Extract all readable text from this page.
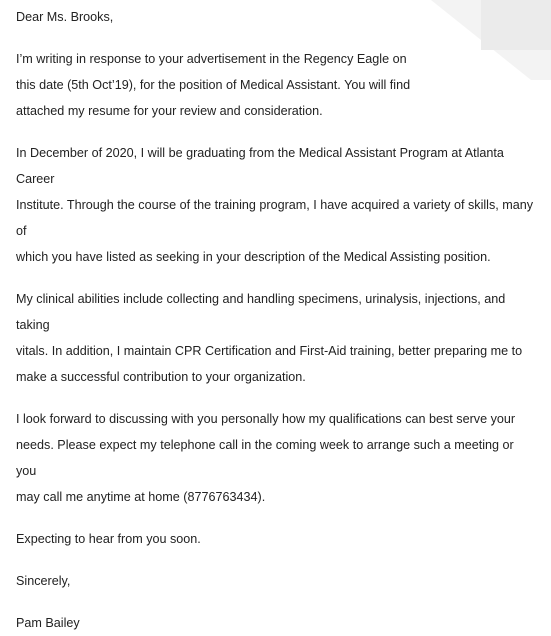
Dear Ms. Brooks,

I’m writing in response to your advertisement in the Regency Eagle on
this date (5th Oct’19), for the position of Medical Assistant. You will find
attached my resume for your review and consideration.

In December of 2020, I will be graduating from the Medical Assistant Program at Atlanta Career
Institute. Through the course of the training program, I have acquired a variety of skills, many of
which you have listed as seeking in your description of the Medical Assisting position.

My clinical abilities include collecting and handling specimens, urinalysis, injections, and taking
vitals. In addition, I maintain CPR Certification and First-Aid training, better preparing me to
make a successful contribution to your organization.

I look forward to discussing with you personally how my qualifications can best serve your
needs. Please expect my telephone call in the coming week to arrange such a meeting or you
may call me anytime at home (8776763434).

Expecting to hear from you soon.

Sincerely,

Pam Bailey
